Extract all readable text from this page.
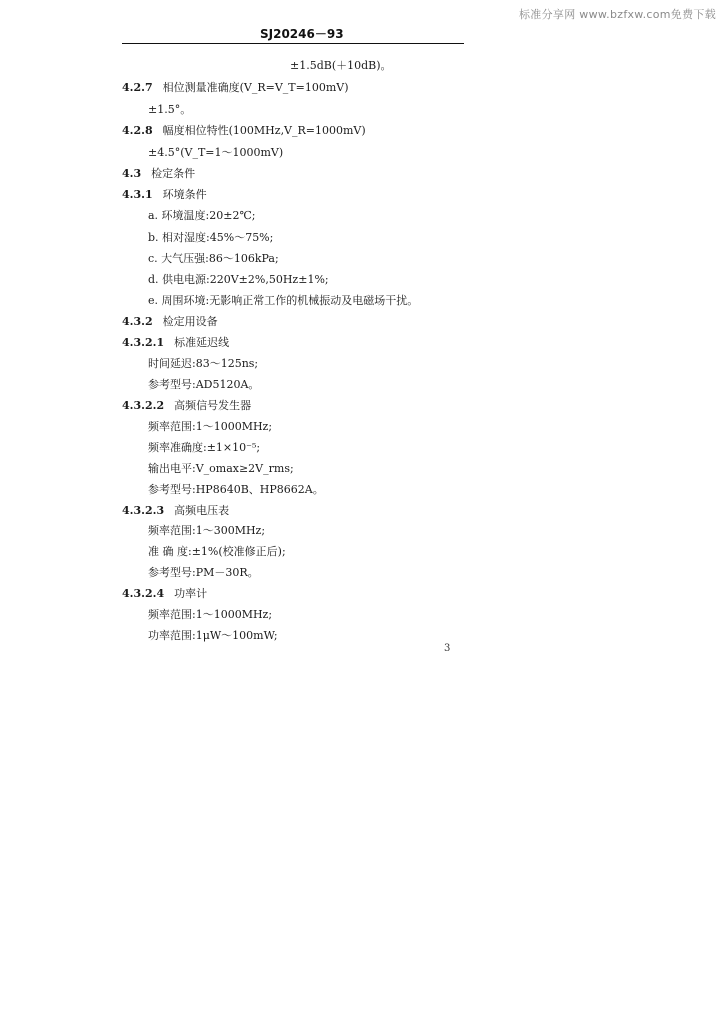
标准分享网 www.bzfxw.com免费下载
SJ20246－93
±1.5dB(＋10dB)。
4.2.7 相位测量准确度(V_R=V_T=100mV)
±1.5°。
4.2.8 幅度相位特性(100MHz,V_R=1000mV)
±4.5°(V_T=1～1000mV)
4.3 检定条件
4.3.1 环境条件
a. 环境温度:20±2℃;
b. 相对湿度:45%～75%;
c. 大气压强:86～106kPa;
d. 供电电源:220V±2%,50Hz±1%;
e. 周围环境:无影响正常工作的机械振动及电磁场干扰。
4.3.2 检定用设备
4.3.2.1 标准延迟线
时间延迟:83～125ns;
参考型号:AD5120A。
4.3.2.2 高频信号发生器
频率范围:1～1000MHz;
频率准确度:±1×10⁻⁵;
输出电平:V_omax≥2V_rms;
参考型号:HP8640B、HP8662A。
4.3.2.3 高频电压表
频率范围:1～300MHz;
准 确 度:±1%(校准修正后);
参考型号:PM－30R。
4.3.2.4 功率计
频率范围:1～1000MHz;
功率范围:1μW～100mW;
3
